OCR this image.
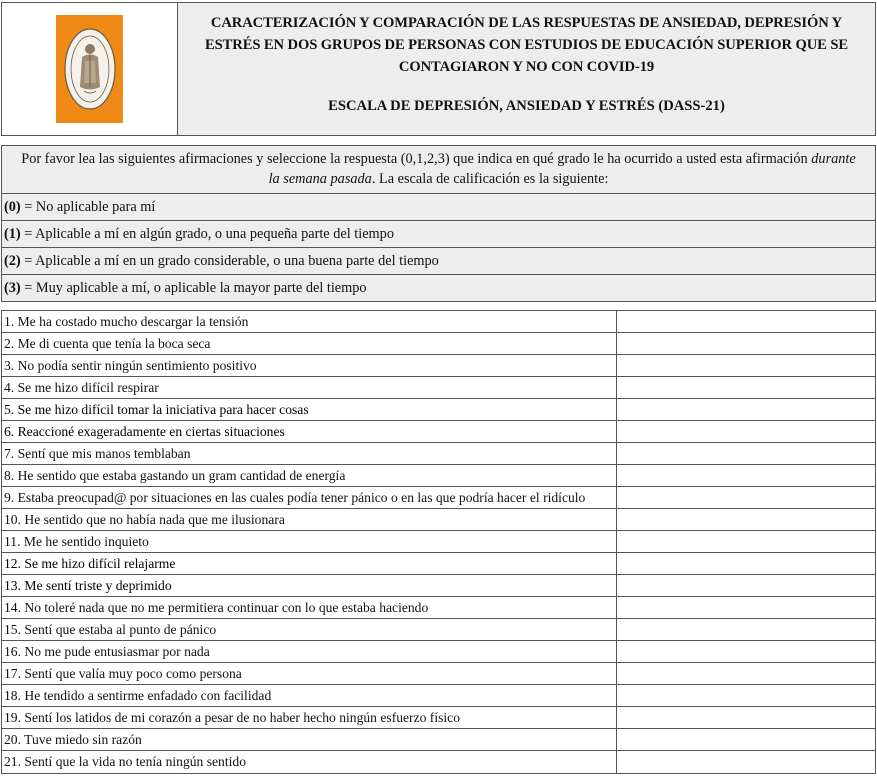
CARACTERIZACIÓN Y COMPARACIÓN DE LAS RESPUESTAS DE ANSIEDAD, DEPRESIÓN Y ESTRÉS EN DOS GRUPOS DE PERSONAS CON ESTUDIOS DE EDUCACIÓN SUPERIOR QUE SE CONTAGIARON Y NO CON COVID-19
ESCALA DE DEPRESIÓN, ANSIEDAD Y ESTRÉS (DASS-21)
Por favor lea las siguientes afirmaciones y seleccione la respuesta (0,1,2,3) que indica en qué grado le ha ocurrido a usted esta afirmación durante la semana pasada. La escala de calificación es la siguiente:
(0) = No aplicable para mí
(1) = Aplicable a mí en algún grado, o una pequeña parte del tiempo
(2) = Aplicable a mí en un grado considerable, o una buena parte del tiempo
(3) = Muy aplicable a mí, o aplicable la mayor parte del tiempo
1. Me ha costado mucho descargar la tensión
2. Me di cuenta que tenía la boca seca
3. No podía sentir ningún sentimiento positivo
4. Se me hizo difícil respirar
5. Se me hizo difícil tomar la iniciativa para hacer cosas
6. Reaccioné exageradamente en ciertas situaciones
7. Sentí que mis manos temblaban
8. He sentido que estaba gastando un gram cantidad de energía
9. Estaba preocupad@ por situaciones en las cuales podía tener pánico o en las que podría hacer el ridículo
10. He sentido que no había nada que me ilusionara
11. Me he sentido inquieto
12. Se me hizo difícil relajarme
13. Me sentí triste y deprimido
14. No toleré nada que no me permitiera continuar con lo que estaba haciendo
15. Sentí que estaba al punto de pánico
16. No me pude entusiasmar por nada
17. Sentí que valía muy poco como persona
18. He tendido a sentirme enfadado con facilidad
19. Sentí los latidos de mi corazón a pesar de no haber hecho ningún esfuerzo físico
20. Tuve miedo sin razón
21. Sentí que la vida no tenía ningún sentido
